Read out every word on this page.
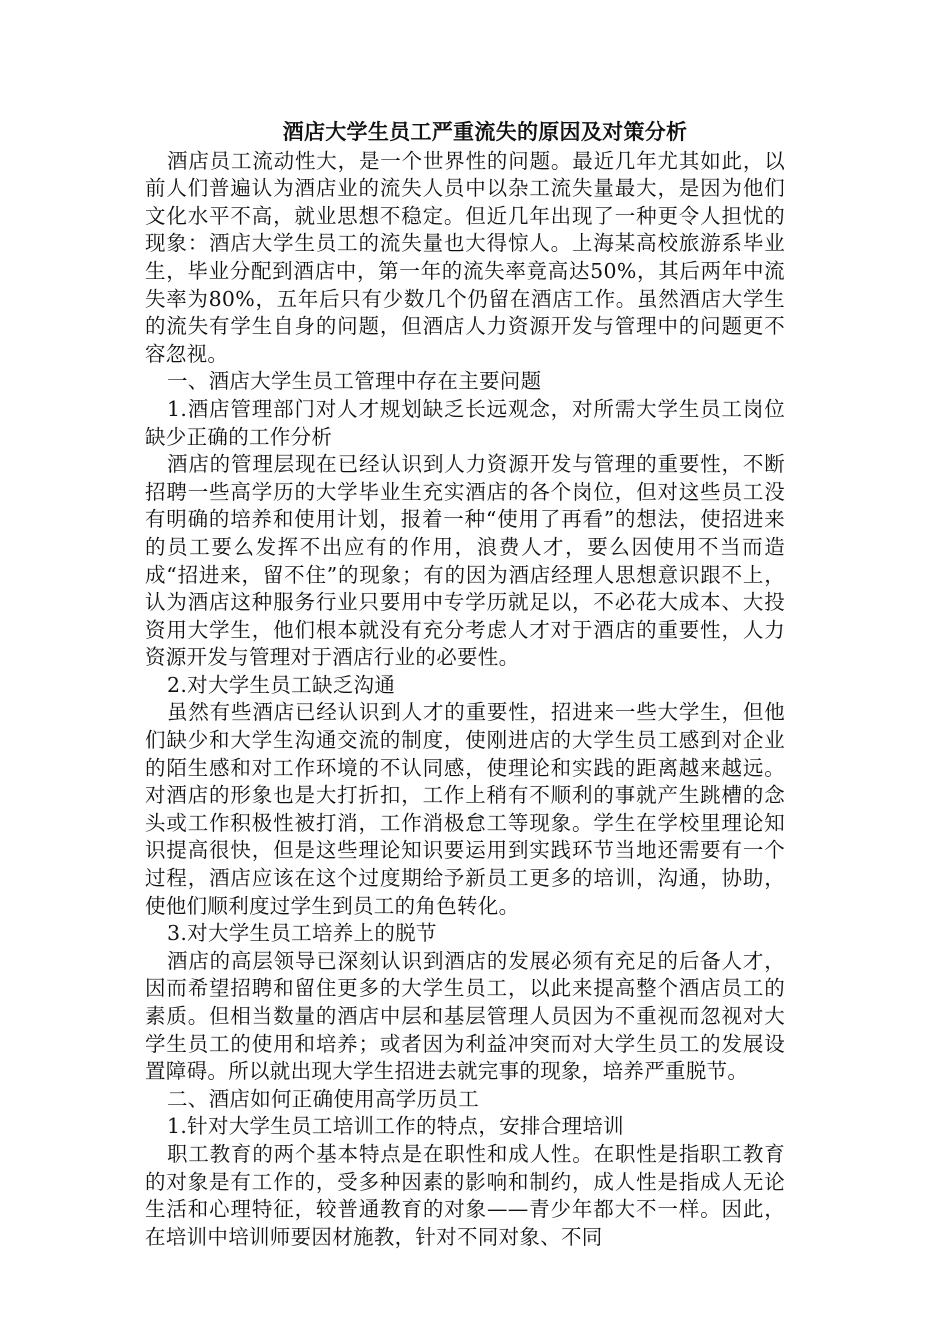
酒店大学生员工严重流失的原因及对策分析

酒店员工流动性大，是一个世界性的问题。最近几年尤其如此，以前人们普遍认为酒店业的流失人员中以杂工流失量最大，是因为他们文化水平不高，就业思想不稳定。但近几年出现了一种更令人担忧的现象：酒店大学生员工的流失量也大得惊人。上海某高校旅游系毕业生，毕业分配到酒店中，第一年的流失率竟高达50%，其后两年中流失率为80%，五年后只有少数几个仍留在酒店工作。虽然酒店大学生的流失有学生自身的问题，但酒店人力资源开发与管理中的问题更不容忽视。

一、酒店大学生员工管理中存在主要问题

1.酒店管理部门对人才规划缺乏长远观念，对所需大学生员工岗位缺少正确的工作分析

酒店的管理层现在已经认识到人力资源开发与管理的重要性，不断招聘一些高学历的大学毕业生充实酒店的各个岗位，但对这些员工没有明确的培养和使用计划，报着一种“使用了再看”的想法，使招进来的员工要么发挥不出应有的作用，浪费人才，要么因使用不当而造成“招进来，留不住”的现象；有的因为酒店经理人思想意识跟不上，认为酒店这种服务行业只要用中专学历就足以，不必花大成本、大投资用大学生，他们根本就没有充分考虑人才对于酒店的重要性，人力资源开发与管理对于酒店行业的必要性。

2.对大学生员工缺乏沟通

虽然有些酒店已经认识到人才的重要性，招进来一些大学生，但他们缺少和大学生沟通交流的制度，使刚进店的大学生员工感到对企业的陌生感和对工作环境的不认同感，使理论和实践的距离越来越远。对酒店的形象也是大打折扣，工作上稍有不顺利的事就产生跳槽的念头或工作积极性被打消，工作消极怠工等现象。学生在学校里理论知识提高很快，但是这些理论知识要运用到实践环节当地还需要有一个过程，酒店应该在这个过度期给予新员工更多的培训，沟通，协助，使他们顺利度过学生到员工的角色转化。

3.对大学生员工培养上的脱节

酒店的高层领导已深刻认识到酒店的发展必须有充足的后备人才，因而希望招聘和留住更多的大学生员工，以此来提高整个酒店员工的素质。但相当数量的酒店中层和基层管理人员因为不重视而忽视对大学生员工的使用和培养；或者因为利益冲突而对大学生员工的发展设置障碍。所以就出现大学生招进去就完事的现象，培养严重脱节。

二、酒店如何正确使用高学历员工

1.针对大学生员工培训工作的特点，安排合理培训

职工教育的两个基本特点是在职性和成人性。在职性是指职工教育的对象是有工作的，受多种因素的影响和制约，成人性是指成人无论生活和心理特征，较普通教育的对象——青少年都大不一样。因此，在培训中培训师要因材施教，针对不同对象、不同
